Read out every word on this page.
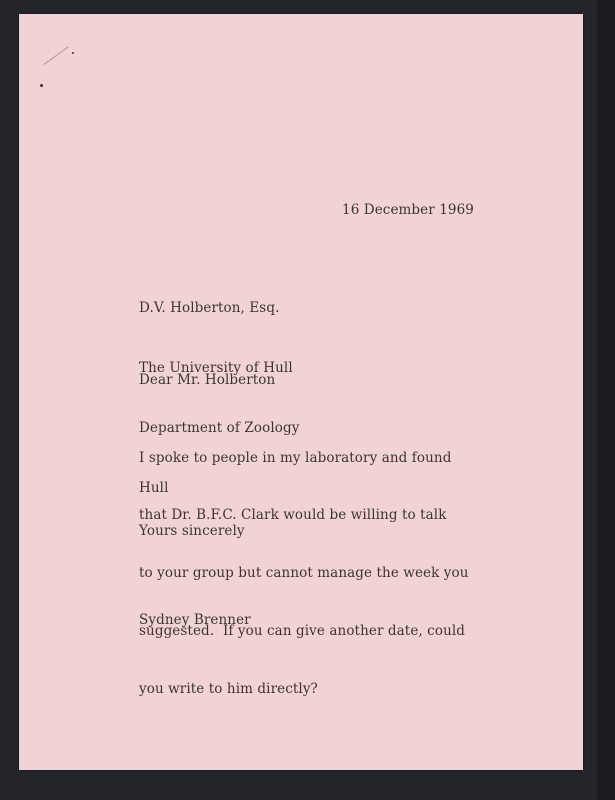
16 December 1969

D.V. Holberton, Esq.

The University of Hull

Department of Zoology

Hull

Dear Mr. Holberton

I spoke to people in my laboratory and found

that Dr. B.F.C. Clark would be willing to talk

to your group but cannot manage the week you

suggested.  If you can give another date, could

you write to him directly?

Yours sincerely

Sydney Brenner
